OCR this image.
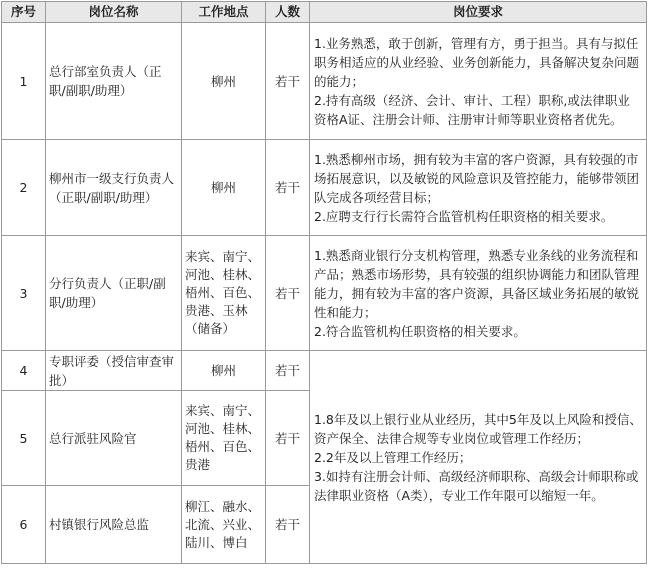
序号	岗位名称	工作地点	人数	岗位要求
1	总行部室负责人（正职/副职/助理）	柳州	若干	1.业务熟悉，敢于创新，管理有方，勇于担当。具有与拟任职务相适应的从业经验、业务创新能力，具备解决复杂问题的能力；
2.持有高级（经济、会计、审计、工程）职称,或法律职业资格A证、注册会计师、注册审计师等职业资格者优先。

2	柳州市一级支行负责人（正职/副职/助理）	柳州	若干	1.熟悉柳州市场，拥有较为丰富的客户资源，具有较强的市场拓展意识，以及敏锐的风险意识及管控能力，能够带领团队完成各项经营目标；
2.应聘支行行长需符合监管机构任职资格的相关要求。

3	分行负责人（正职/副职/助理）	来宾、南宁、河池、桂林、梧州、百色、贵港、玉林（储备）	若干	1.熟悉商业银行分支机构管理，熟悉专业条线的业务流程和产品；熟悉市场形势，具有较强的组织协调能力和团队管理能力，拥有较为丰富的客户资源，具备区域业务拓展的敏锐性和能力；
2.符合监管机构任职资格的相关要求。

4	专职评委（授信审查审批）	柳州	若干	1.8年及以上银行业从业经历，其中5年及以上风险和授信、资产保全、法律合规等专业岗位或管理工作经历；
2.2年及以上管理工作经历；
3.如持有注册会计师、高级经济师职称、高级会计师职称或法律职业资格（A类），专业工作年限可以缩短一年。

5	总行派驻风险官	来宾、南宁、河池、桂林、梧州、百色、贵港	若干	
6	村镇银行风险总监	柳江、融水、北流、兴业、陆川、博白	若干	
